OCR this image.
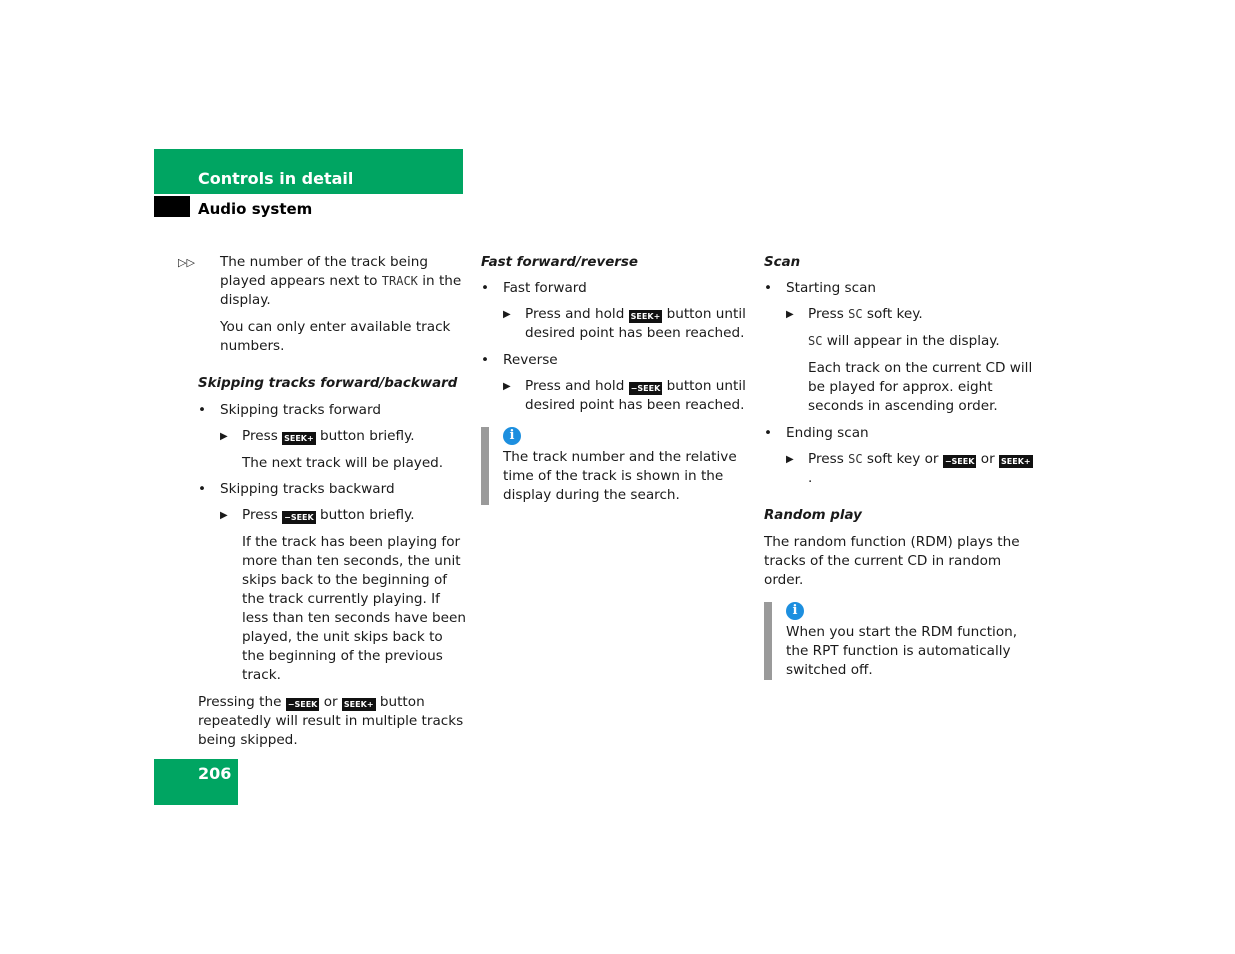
Controls in detail
Audio system
▷▷ The number of the track being played appears next to TRACK in the display.

You can only enter available track numbers.

Skipping tracks forward/backward

• Skipping tracks forward

▶ Press SEEK+ button briefly.

The next track will be played.

• Skipping tracks backward

▶ Press −SEEK button briefly.

If the track has been playing for more than ten seconds, the unit skips back to the beginning of the track currently playing. If less than ten seconds have been played, the unit skips back to the beginning of the previous track.

Pressing the −SEEK or SEEK+ button repeatedly will result in multiple tracks being skipped.

Fast forward/reverse

• Fast forward

▶ Press and hold SEEK+ button until desired point has been reached.

• Reverse

▶ Press and hold −SEEK button until desired point has been reached.

i

The track number and the relative time of the track is shown in the display during the search.

Scan

• Starting scan

▶ Press SC soft key.

SC will appear in the display.

Each track on the current CD will be played for approx. eight seconds in ascending order.

• Ending scan

▶ Press SC soft key or −SEEK or SEEK+.

Random play

The random function (RDM) plays the tracks of the current CD in random order.

i

When you start the RDM function, the RPT function is automatically switched off.

206
